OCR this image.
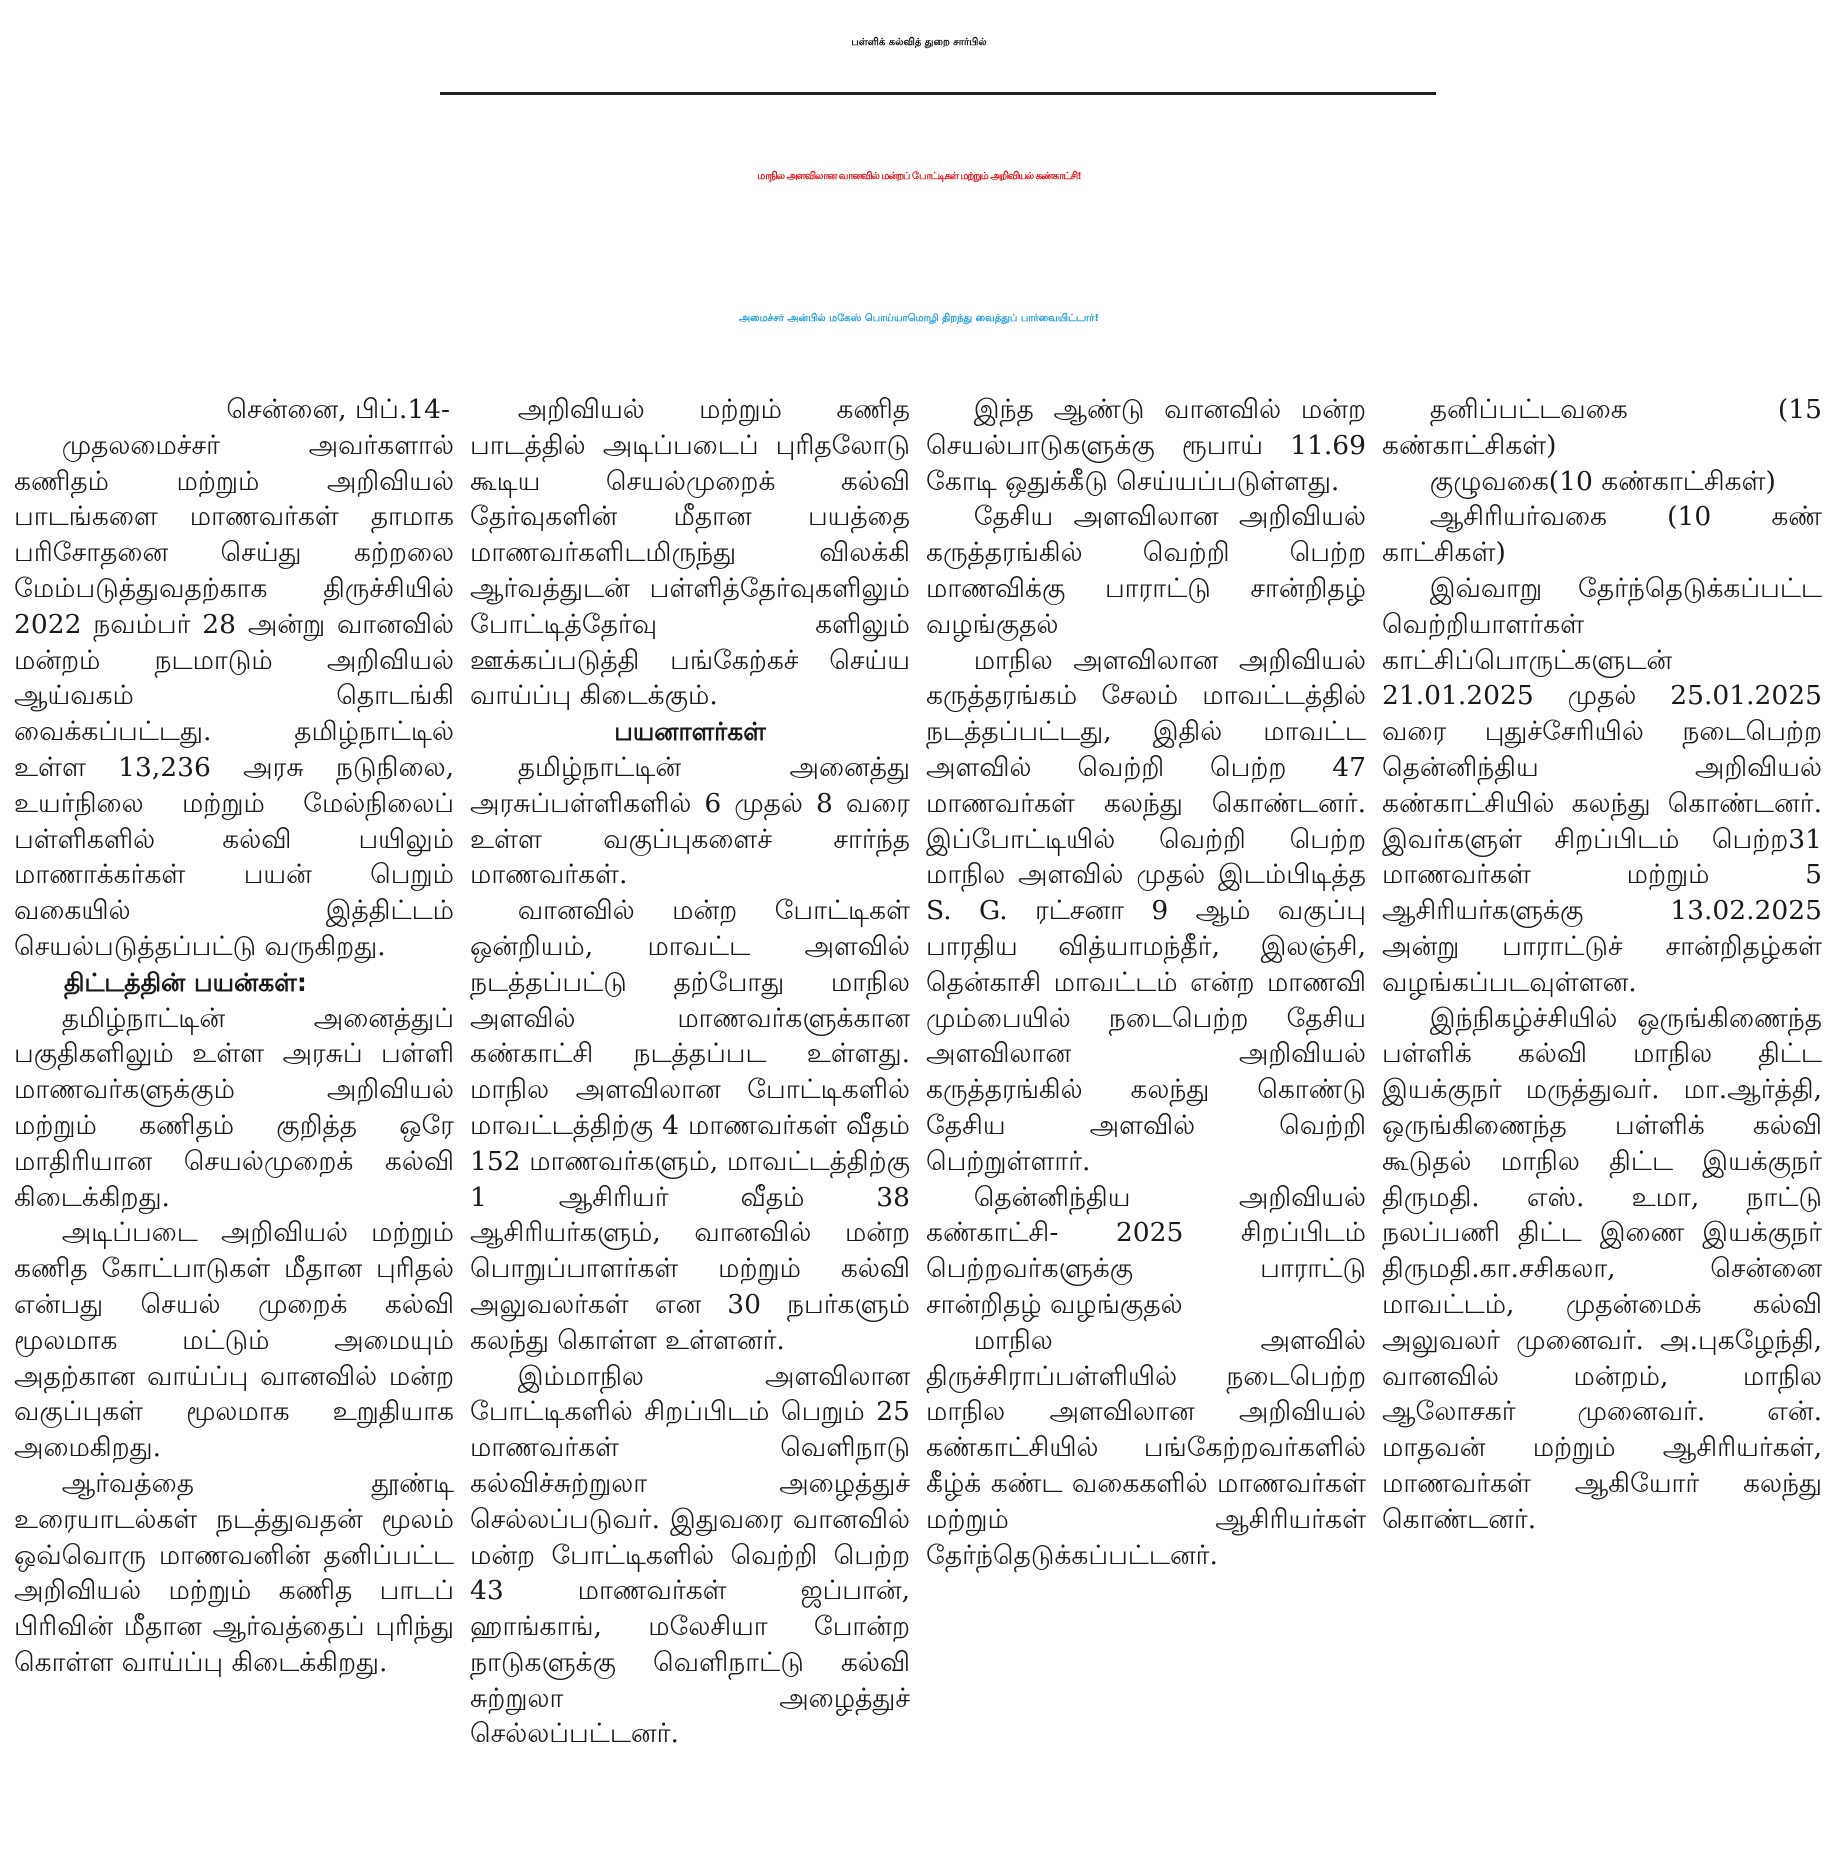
பள்ளிக் கல்வித் துறை சார்பில்
மாநில அளவிலான வானவில் மன்றப் போட்டிகள் மற்றும் அறிவியல் கண்காட்சி!
அமைச்சர் அன்பில் மகேஸ் பொய்யாமொழி திறந்து வைத்துப் பார்வையிட்டார்!

சென்னை, பிப்.14-

முதலமைச்சர் அவர்களால் கணிதம் மற்றும் அறிவியல் பாடங்களை மாணவர்கள் தாமாக பரிசோதனை செய்து கற்றலை மேம்படுத்துவதற்காக திருச்சியில் 2022 நவம்பர் 28 அன்று வானவில் மன்றம் நடமாடும் அறிவியல் ஆய்வகம் தொடங்கி வைக்கப்பட்டது. தமிழ்நாட்டில் உள்ள 13,236 அரசு நடுநிலை, உயர்நிலை மற்றும் மேல்நிலைப் பள்ளிகளில் கல்வி பயிலும் மாணாக்கர்கள் பயன் பெறும் வகையில் இத்திட்டம் செயல்படுத்தப்பட்டு வருகிறது.

திட்டத்தின் பயன்கள்:

தமிழ்நாட்டின் அனைத்துப் பகுதிகளிலும் உள்ள அரசுப் பள்ளி மாணவர்களுக்கும் அறிவியல் மற்றும் கணிதம் குறித்த ஒரே மாதிரியான செயல்முறைக் கல்வி கிடைக்கிறது.

அடிப்படை அறிவியல் மற்றும் கணித கோட்பாடுகள் மீதான புரிதல் என்பது செயல் முறைக் கல்வி மூலமாக மட்டும் அமையும் அதற்கான வாய்ப்பு வானவில் மன்ற வகுப்புகள் மூலமாக உறுதியாக அமைகிறது.

ஆர்வத்தை தூண்டி உரையாடல்கள் நடத்துவதன் மூலம் ஒவ்வொரு மாணவனின் தனிப்பட்ட அறிவியல் மற்றும் கணித பாடப் பிரிவின் மீதான ஆர்வத்தைப் புரிந்து கொள்ள வாய்ப்பு கிடைக்கிறது.

அறிவியல் மற்றும் கணித பாடத்தில் அடிப்படைப் புரிதலோடு கூடிய செயல்முறைக் கல்வி தேர்வுகளின் மீதான பயத்தை மாணவர்களிடமிருந்து விலக்கி ஆர்வத்துடன் பள்ளித்தேர்வுகளிலும் போட்டித்தேர்வு களிலும் ஊக்கப்படுத்தி பங்கேற்கச் செய்ய வாய்ப்பு கிடைக்கும்.

பயனாளர்கள்

தமிழ்நாட்டின் அனைத்து அரசுப்பள்ளிகளில் 6 முதல் 8 வரை உள்ள வகுப்புகளைச் சார்ந்த மாணவர்கள்.

வானவில் மன்ற போட்டிகள் ஒன்றியம், மாவட்ட அளவில் நடத்தப்பட்டு தற்போது மாநில அளவில் மாணவர்களுக்கான கண்காட்சி நடத்தப்பட உள்ளது. மாநில அளவிலான போட்டிகளில் மாவட்டத்திற்கு 4 மாணவர்கள் வீதம் 152 மாணவர்களும், மாவட்டத்திற்கு 1 ஆசிரியர் வீதம் 38 ஆசிரியர்களும், வானவில் மன்ற பொறுப்பாளர்கள் மற்றும் கல்வி அலுவலர்கள் என 30 நபர்களும் கலந்து கொள்ள உள்ளனர்.

இம்மாநில அளவிலான போட்டிகளில் சிறப்பிடம் பெறும் 25 மாணவர்கள் வெளிநாடு கல்விச்சுற்றுலா அழைத்துச் செல்லப்படுவர். இதுவரை வானவில் மன்ற போட்டிகளில் வெற்றி பெற்ற 43 மாணவர்கள் ஜப்பான், ஹாங்காங், மலேசியா போன்ற நாடுகளுக்கு வெளிநாட்டு கல்வி சுற்றுலா அழைத்துச் செல்லப்பட்டனர்.

இந்த ஆண்டு வானவில் மன்ற செயல்பாடுகளுக்கு ரூபாய் 11.69 கோடி ஒதுக்கீடு செய்யப்படுள்ளது.

தேசிய அளவிலான அறிவியல் கருத்தரங்கில் வெற்றி பெற்ற மாணவிக்கு பாராட்டு சான்றிதழ் வழங்குதல்

மாநில அளவிலான அறிவியல் கருத்தரங்கம் சேலம் மாவட்டத்தில் நடத்தப்பட்டது, இதில் மாவட்ட அளவில் வெற்றி பெற்ற 47 மாணவர்கள் கலந்து கொண்டனர். இப்போட்டியில் வெற்றி பெற்ற மாநில அளவில் முதல் இடம்பிடித்த S. G. ரட்சனா 9 ஆம் வகுப்பு பாரதிய வித்யாமந்தீர், இலஞ்சி, தென்காசி மாவட்டம் என்ற மாணவி மும்பையில் நடைபெற்ற தேசிய அளவிலான அறிவியல் கருத்தரங்கில் கலந்து கொண்டு தேசிய அளவில் வெற்றி பெற்றுள்ளார்.

தென்னிந்திய அறிவியல் கண்காட்சி- 2025 சிறப்பிடம் பெற்றவர்களுக்கு பாராட்டு சான்றிதழ் வழங்குதல்

மாநில அளவில் திருச்சிராப்பள்ளியில் நடைபெற்ற மாநில அளவிலான அறிவியல் கண்காட்சியில் பங்கேற்றவர்களில் கீழ்க் கண்ட வகைகளில் மாணவர்கள் மற்றும் ஆசிரியர்கள் தேர்ந்தெடுக்கப்பட்டனர்.

தனிப்பட்டவகை (15 கண்காட்சிகள்)

குழுவகை(10 கண்காட்சிகள்)

ஆசிரியர்வகை (10 கண் காட்சிகள்)

இவ்வாறு தேர்ந்தெடுக்கப்பட்ட வெற்றியாளர்கள் காட்சிப்பொருட்களுடன் 21.01.2025 முதல் 25.01.2025 வரை புதுச்சேரியில் நடைபெற்ற தென்னிந்திய அறிவியல் கண்காட்சியில் கலந்து கொண்டனர். இவர்களுள் சிறப்பிடம் பெற்ற31 மாணவர்கள் மற்றும் 5 ஆசிரியர்களுக்கு 13.02.2025 அன்று பாராட்டுச் சான்றிதழ்கள் வழங்கப்படவுள்ளன.

இந்நிகழ்ச்சியில் ஒருங்கிணைந்த பள்ளிக் கல்வி மாநில திட்ட இயக்குநர் மருத்துவர். மா.ஆர்த்தி, ஒருங்கிணைந்த பள்ளிக் கல்வி கூடுதல் மாநில திட்ட இயக்குநர் திருமதி. எஸ். உமா, நாட்டு நலப்பணி திட்ட இணை இயக்குநர் திருமதி.கா.சசிகலா, சென்னை மாவட்டம், முதன்மைக் கல்வி அலுவலர் முனைவர். அ.புகழேந்தி, வானவில் மன்றம், மாநில ஆலோசகர் முனைவர். என். மாதவன் மற்றும் ஆசிரியர்கள், மாணவர்கள் ஆகியோர் கலந்து கொண்டனர்.
